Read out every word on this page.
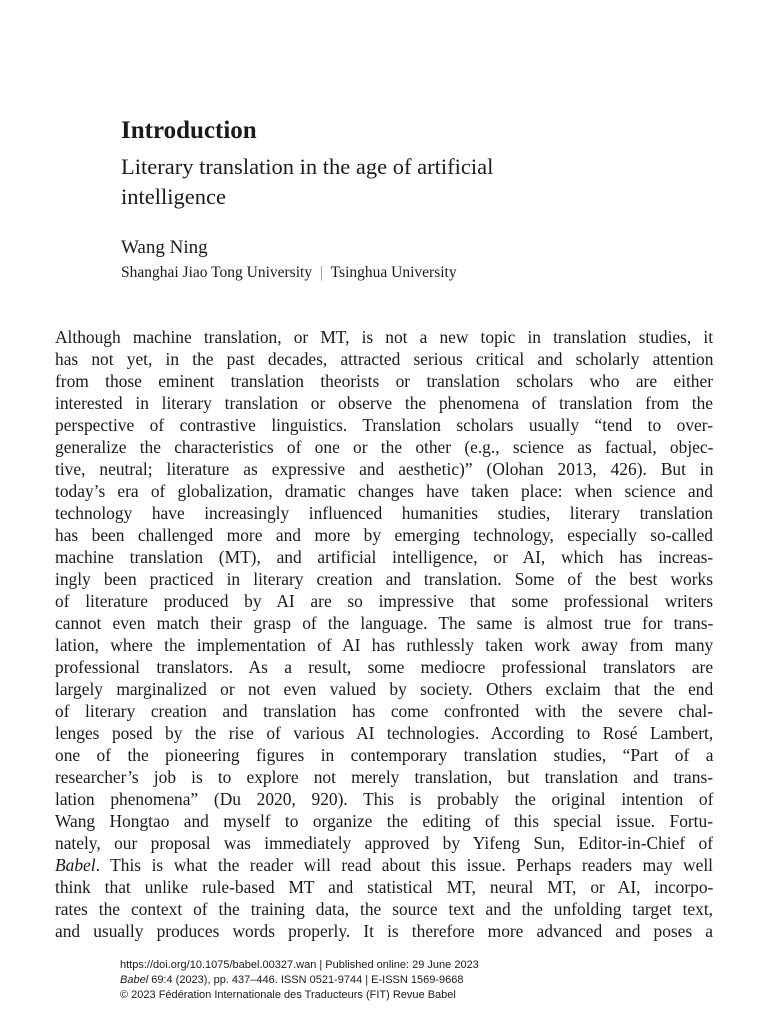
Introduction
Literary translation in the age of artificial
intelligence
Wang Ning
Shanghai Jiao Tong University | Tsinghua University
Although machine translation, or MT, is not a new topic in translation studies, it
has not yet, in the past decades, attracted serious critical and scholarly attention
from those eminent translation theorists or translation scholars who are either
interested in literary translation or observe the phenomena of translation from the
perspective of contrastive linguistics. Translation scholars usually “tend to over-
generalize the characteristics of one or the other (e.g., science as factual, objec-
tive, neutral; literature as expressive and aesthetic)” (Olohan 2013, 426). But in
today’s era of globalization, dramatic changes have taken place: when science and
technology have increasingly influenced humanities studies, literary translation
has been challenged more and more by emerging technology, especially so-called
machine translation (MT), and artificial intelligence, or AI, which has increas-
ingly been practiced in literary creation and translation. Some of the best works
of literature produced by AI are so impressive that some professional writers
cannot even match their grasp of the language. The same is almost true for trans-
lation, where the implementation of AI has ruthlessly taken work away from many
professional translators. As a result, some mediocre professional translators are
largely marginalized or not even valued by society. Others exclaim that the end
of literary creation and translation has come confronted with the severe chal-
lenges posed by the rise of various AI technologies. According to Rosé Lambert,
one of the pioneering figures in contemporary translation studies, “Part of a
researcher’s job is to explore not merely translation, but translation and trans-
lation phenomena” (Du 2020, 920). This is probably the original intention of
Wang Hongtao and myself to organize the editing of this special issue. Fortu-
nately, our proposal was immediately approved by Yifeng Sun, Editor-in-Chief of
Babel. This is what the reader will read about this issue. Perhaps readers may well
think that unlike rule-based MT and statistical MT, neural MT, or AI, incorpo-
rates the context of the training data, the source text and the unfolding target text,
and usually produces words properly. It is therefore more advanced and poses a
https://doi.org/10.1075/babel.00327.wan | Published online: 29 June 2023
Babel 69:4 (2023), pp. 437–446. ISSN 0521-9744 | E-ISSN 1569-9668
© 2023 Fédération Internationale des Traducteurs (FIT) Revue Babel
